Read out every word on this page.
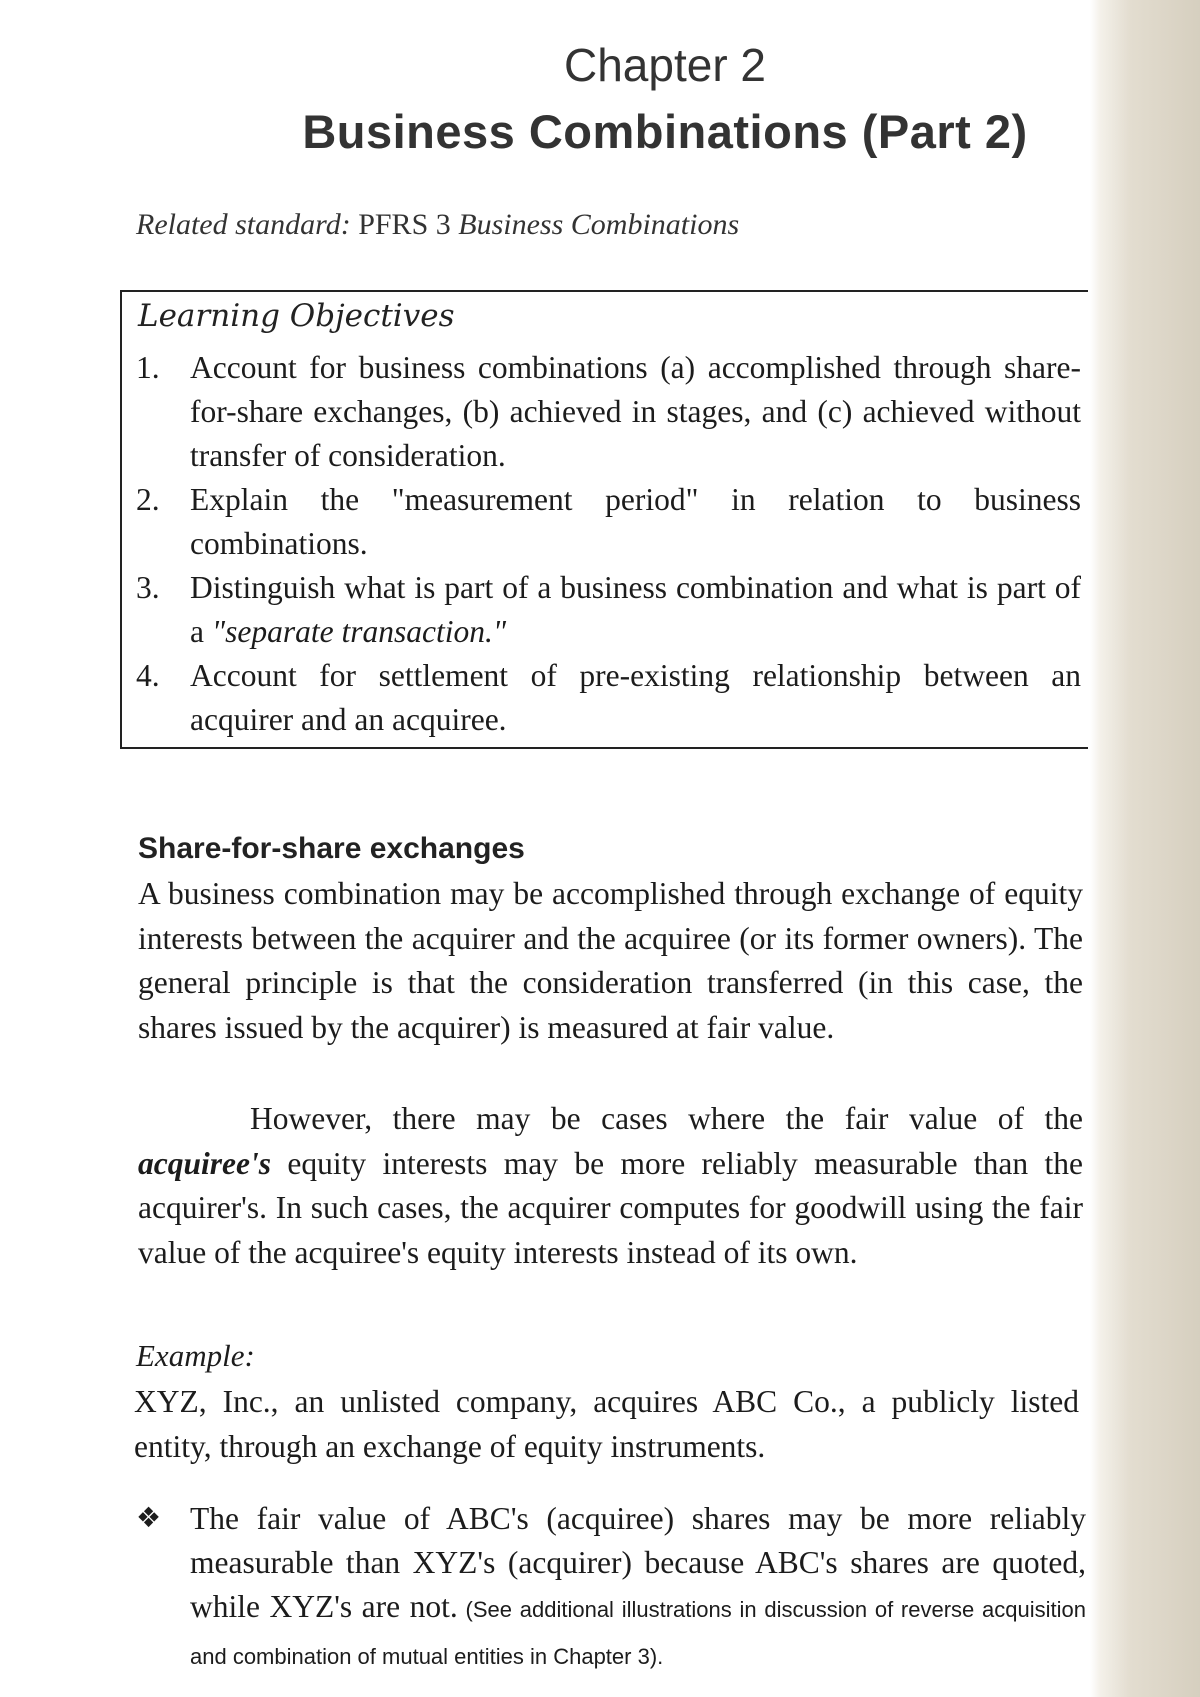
Chapter 2
Business Combinations (Part 2)
Related standard: PFRS 3 Business Combinations
Learning Objectives
1. Account for business combinations (a) accomplished through share-for-share exchanges, (b) achieved in stages, and (c) achieved without transfer of consideration.
2. Explain the "measurement period" in relation to business combinations.
3. Distinguish what is part of a business combination and what is part of a "separate transaction."
4. Account for settlement of pre-existing relationship between an acquirer and an acquiree.
Share-for-share exchanges
A business combination may be accomplished through exchange of equity interests between the acquirer and the acquiree (or its former owners). The general principle is that the consideration transferred (in this case, the shares issued by the acquirer) is measured at fair value.
However, there may be cases where the fair value of the acquiree's equity interests may be more reliably measurable than the acquirer's. In such cases, the acquirer computes for goodwill using the fair value of the acquiree's equity interests instead of its own.
Example:
XYZ, Inc., an unlisted company, acquires ABC Co., a publicly listed entity, through an exchange of equity instruments.
❖ The fair value of ABC's (acquiree) shares may be more reliably measurable than XYZ's (acquirer) because ABC's shares are quoted, while XYZ's are not. (See additional illustrations in discussion of reverse acquisition and combination of mutual entities in Chapter 3).
